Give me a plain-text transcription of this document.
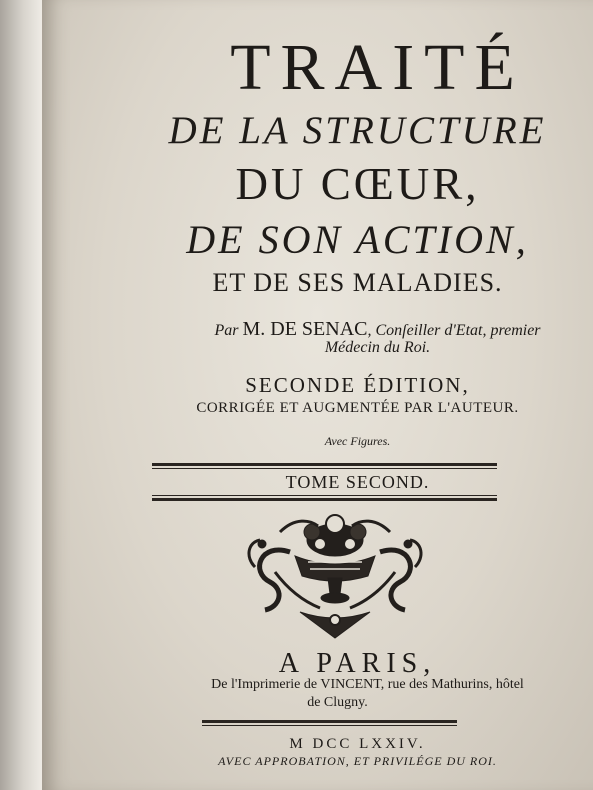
TRAITÉ
DE LA STRUCTURE
DU CŒUR,
DE SON ACTION,
ET DE SES MALADIES.
Par M. DE SENAC, Conſeiller d'Etat, premier
Médecin du Roi.
SECONDE ÉDITION,
CORRIGÉE ET AUGMENTÉE PAR L'AUTEUR.
Avec Figures.
TOME SECOND.
A PARIS,
De l'Imprimerie de VINCENT, rue des Mathurins, hôtel
de Clugny.
M DCC LXXIV.
AVEC APPROBATION, ET PRIVILÉGE DU ROI.
